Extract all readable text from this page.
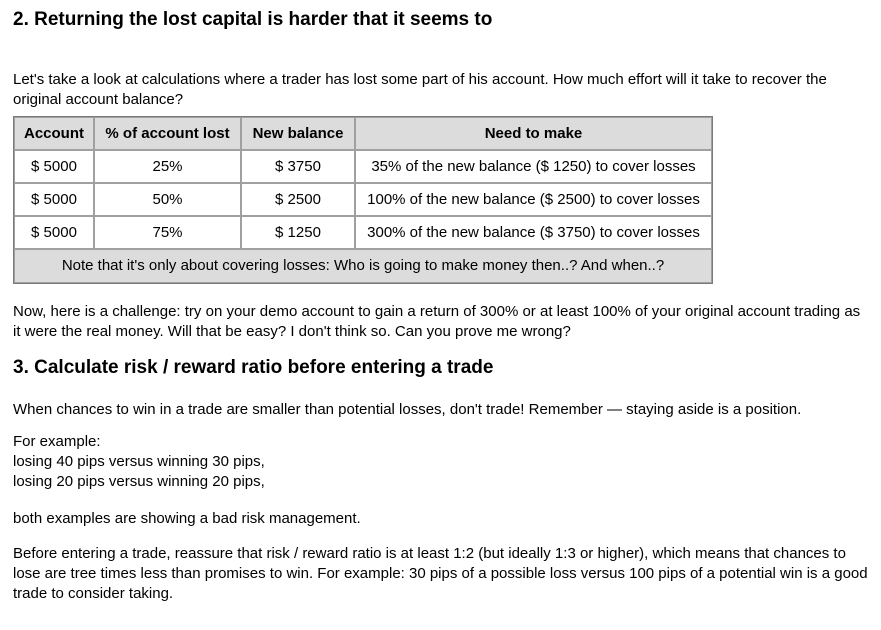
2. Returning the lost capital is harder that it seems to

Let's take a look at calculations where a trader has lost some part of his account. How much effort will it take to recover the original account balance?

Account	% of account lost	New balance	Need to make
$ 5000	25%	$ 3750	35% of the new balance ($ 1250) to cover losses
$ 5000	50%	$ 2500	100% of the new balance ($ 2500) to cover losses
$ 5000	75%	$ 1250	300% of the new balance ($ 3750) to cover losses
Note that it's only about covering losses: Who is going to make money then..? And when..?			

Now, here is a challenge: try on your demo account to gain a return of 300% or at least 100% of your original account trading as it were the real money. Will that be easy? I don't think so. Can you prove me wrong?

3. Calculate risk / reward ratio before entering a trade

When chances to win in a trade are smaller than potential losses, don't trade! Remember — staying aside is a position.

For example:
losing 40 pips versus winning 30 pips,
losing 20 pips versus winning 20 pips,

both examples are showing a bad risk management.

Before entering a trade, reassure that risk / reward ratio is at least 1:2 (but ideally 1:3 or higher), which means that chances to lose are tree times less than promises to win. For example: 30 pips of a possible loss versus 100 pips of a potential win is a good trade to consider taking.
